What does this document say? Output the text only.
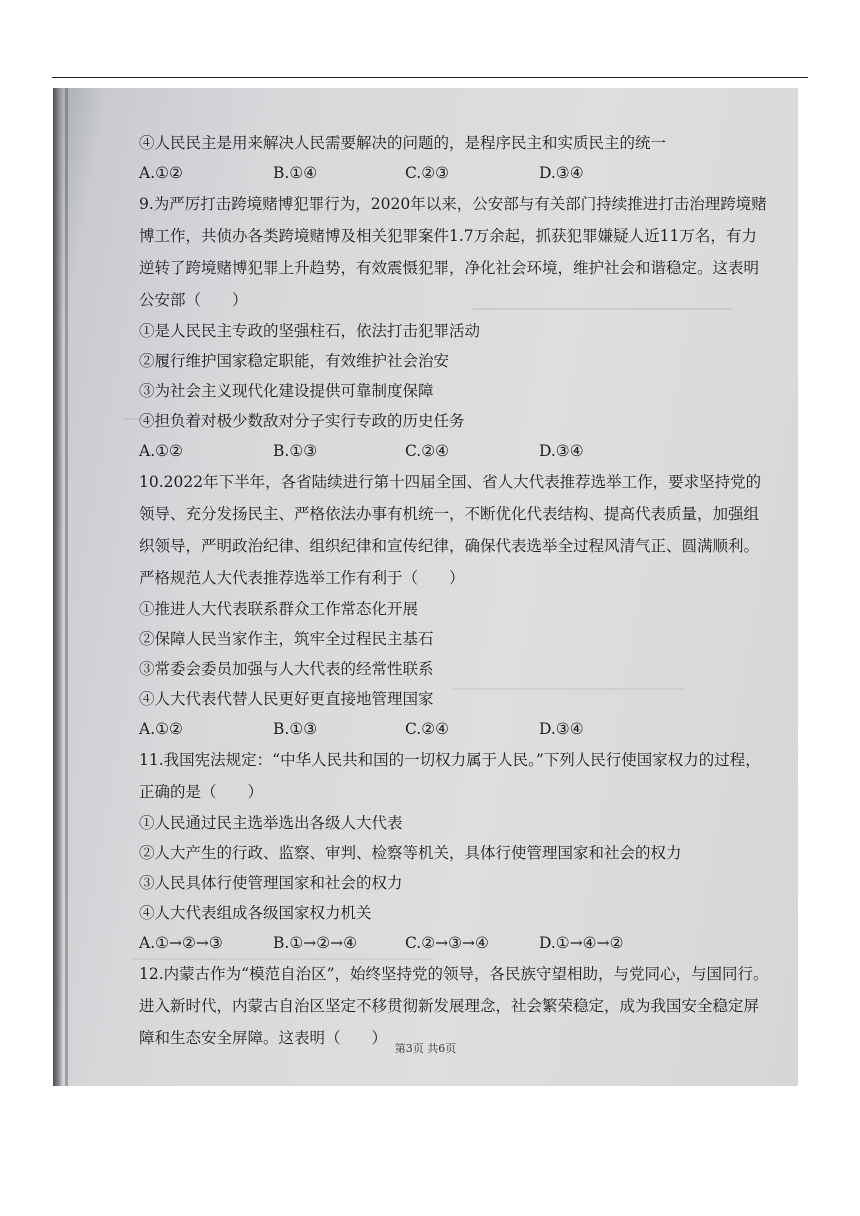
④人民民主是用来解决人民需要解决的问题的，是程序民主和实质民主的统一
A.①②	B.①④	C.②③	D.③④
9.为严厉打击跨境赌博犯罪行为，2020年以来，公安部与有关部门持续推进打击治理跨境赌博工作，共侦办各类跨境赌博及相关犯罪案件1.7万余起，抓获犯罪嫌疑人近11万名，有力逆转了跨境赌博犯罪上升趋势，有效震慑犯罪，净化社会环境，维护社会和谐稳定。这表明公安部（　　）
①是人民民主专政的坚强柱石，依法打击犯罪活动
②履行维护国家稳定职能，有效维护社会治安
③为社会主义现代化建设提供可靠制度保障
④担负着对极少数敌对分子实行专政的历史任务
A.①②	B.①③	C.②④	D.③④
10.2022年下半年，各省陆续进行第十四届全国、省人大代表推荐选举工作，要求坚持党的领导、充分发扬民主、严格依法办事有机统一，不断优化代表结构、提高代表质量，加强组织领导，严明政治纪律、组织纪律和宣传纪律，确保代表选举全过程风清气正、圆满顺利。严格规范人大代表推荐选举工作有利于（　　）
①推进人大代表联系群众工作常态化开展
②保障人民当家作主，筑牢全过程民主基石
③常委会委员加强与人大代表的经常性联系
④人大代表代替人民更好更直接地管理国家
A.①②	B.①③	C.②④	D.③④
11.我国宪法规定：“中华人民共和国的一切权力属于人民。”下列人民行使国家权力的过程，正确的是（　　）
①人民通过民主选举选出各级人大代表
②人大产生的行政、监察、审判、检察等机关，具体行使管理国家和社会的权力
③人民具体行使管理国家和社会的权力
④人大代表组成各级国家权力机关
A.①→②→③	B.①→②→④	C.②→③→④	D.①→④→②
12.内蒙古作为“模范自治区”，始终坚持党的领导，各民族守望相助，与党同心，与国同行。进入新时代，内蒙古自治区坚定不移贯彻新发展理念，社会繁荣稳定，成为我国安全稳定屏障和生态安全屏障。这表明（　　）
第3页 共6页
